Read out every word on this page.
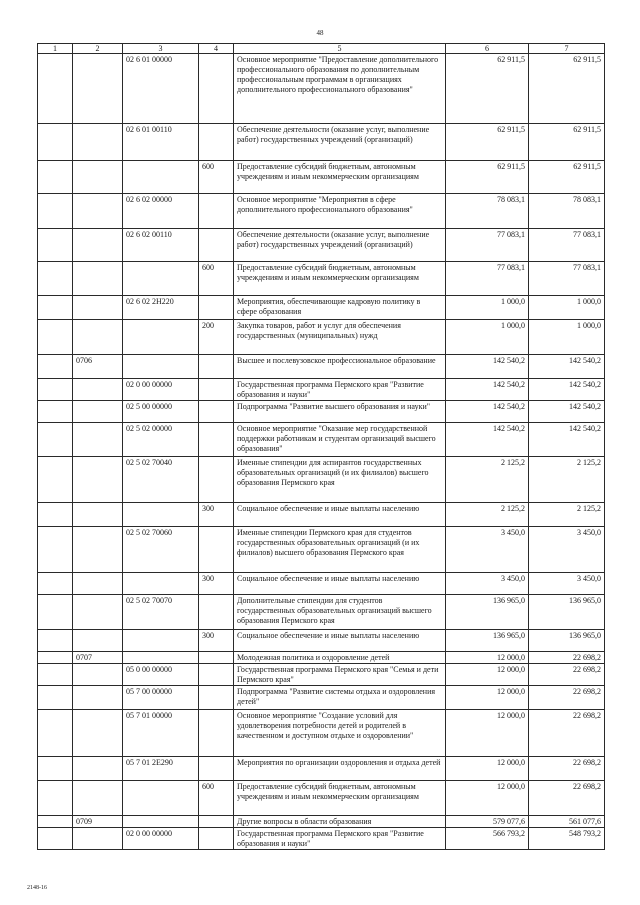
48
1	2	3	4	5	6	7
		02 6 01 00000		Основное мероприятие "Предоставление дополнительного профессионального образования по дополнительным профессиональным программам в организациях дополнительного профессионального образования"	62 911,5	62 911,5
		02 6 01 00110		Обеспечение деятельности (оказание услуг, выполнение работ) государственных учреждений (организаций)	62 911,5	62 911,5
			600	Предоставление субсидий бюджетным, автономным учреждениям и иным некоммерческим организациям	62 911,5	62 911,5
		02 6 02 00000		Основное мероприятие "Мероприятия в сфере дополнительного профессионального образования"	78 083,1	78 083,1
		02 6 02 00110		Обеспечение деятельности (оказание услуг, выполнение работ) государственных учреждений (организаций)	77 083,1	77 083,1
			600	Предоставление субсидий бюджетным, автономным учреждениям и иным некоммерческим организациям	77 083,1	77 083,1
		02 6 02 2Н220		Мероприятия, обеспечивающие кадровую политику в сфере образования	1 000,0	1 000,0
			200	Закупка товаров, работ и услуг для обеспечения государственных (муниципальных) нужд	1 000,0	1 000,0
	0706			Высшее и послевузовское профессиональное образование	142 540,2	142 540,2
		02 0 00 00000		Государственная программа Пермского края "Развитие образования и науки"	142 540,2	142 540,2
		02 5 00 00000		Подпрограмма "Развитие высшего образования и науки"	142 540,2	142 540,2
		02 5 02 00000		Основное мероприятие "Оказание мер государственной поддержки работникам и студентам организаций высшего образования"	142 540,2	142 540,2
		02 5 02 70040		Именные стипендии для аспирантов государственных образовательных организаций (и их филиалов) высшего образования Пермского края	2 125,2	2 125,2
			300	Социальное обеспечение и иные выплаты населению	2 125,2	2 125,2
		02 5 02 70060		Именные стипендии Пермского края для студентов государственных образовательных организаций (и их филиалов) высшего образования Пермского края	3 450,0	3 450,0
			300	Социальное обеспечение и иные выплаты населению	3 450,0	3 450,0
		02 5 02 70070		Дополнительные стипендии для студентов государственных образовательных организаций высшего образования Пермского края	136 965,0	136 965,0
			300	Социальное обеспечение и иные выплаты населению	136 965,0	136 965,0
	0707			Молодежная политика и оздоровление детей	12 000,0	22 698,2
		05 0 00 00000		Государственная программа Пермского края "Семья и дети Пермского края"	12 000,0	22 698,2
		05 7 00 00000		Подпрограмма "Развитие системы отдыха и оздоровления детей"	12 000,0	22 698,2
		05 7 01 00000		Основное мероприятие "Создание условий для удовлетворения потребности детей и родителей в качественном и доступном отдыхе и оздоровлении"	12 000,0	22 698,2
		05 7 01 2Е290		Мероприятия по организации оздоровления и отдыха детей	12 000,0	22 698,2
			600	Предоставление субсидий бюджетным, автономным учреждениям и иным некоммерческим организациям	12 000,0	22 698,2
	0709			Другие вопросы в области образования	579 077,6	561 077,6
		02 0 00 00000		Государственная программа Пермского края "Развитие образования и науки"	566 793,2	548 793,2
2148-16
